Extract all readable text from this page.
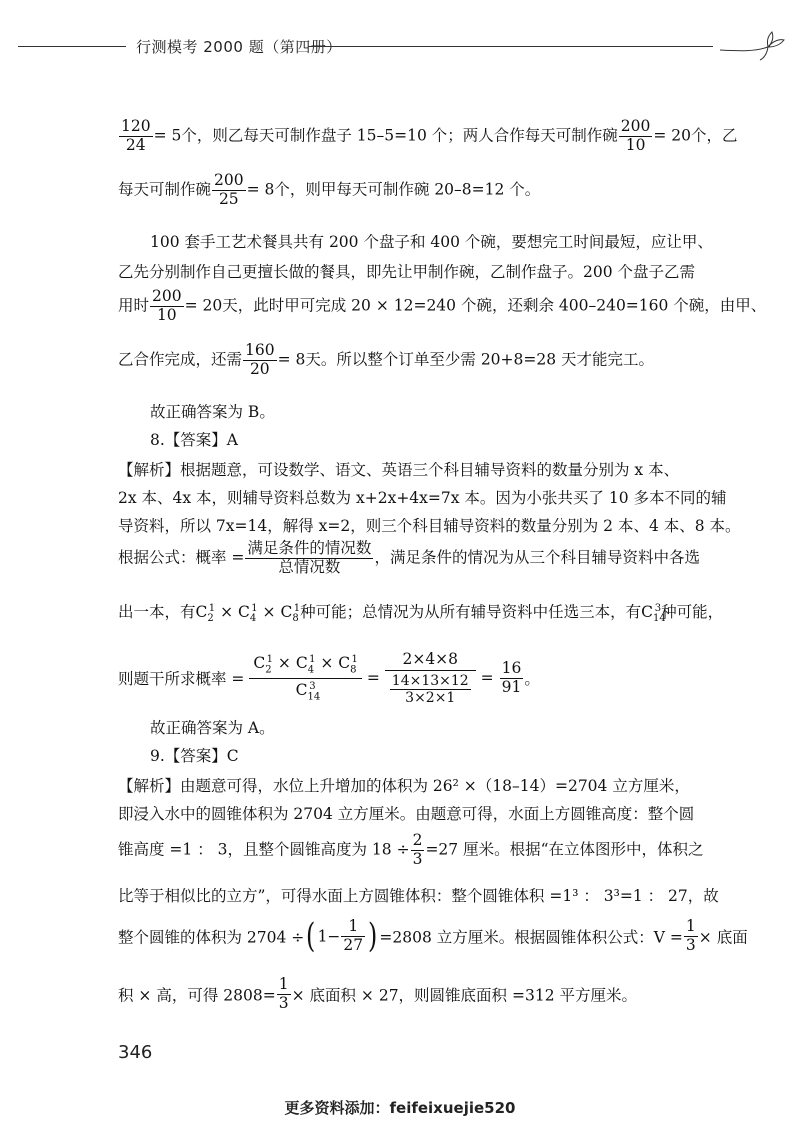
行测模考 2000 题（第四册）
$\frac{120}{24} = 5$个，则乙每天可制作盘子 15–5=10 个；两人合作每天可制作碗 $\frac{200}{10} = 20$个，乙
每天可制作碗 $\frac{200}{25} = 8$个，则甲每天可制作碗 20–8=12 个。
100 套手工艺术餐具共有 200 个盘子和 400 个碗，要想完工时间最短，应让甲、
乙先分别制作自己更擅长做的餐具，即先让甲制作碗，乙制作盘子。200 个盘子乙需
用时 $\frac{200}{10} = 20$天，此时甲可完成 20 × 12=240 个碗，还剩余 400–240=160 个碗，由甲、
乙合作完成，还需 $\frac{160}{20} = 8$天。所以整个订单至少需 20+8=28 天才能完工。
故正确答案为 B。
8.【答案】A
【解析】根据题意，可设数学、语文、英语三个科目辅导资料的数量分别为 x 本、
2x 本、4x 本，则辅导资料总数为 x+2x+4x=7x 本。因为小张共买了 10 多本不同的辅
导资料，所以 7x=14，解得 x=2，则三个科目辅导资料的数量分别为 2 本、4 本、8 本。
根据公式：概率 = $\frac{\text{满足条件的情况数}}{\text{总情况数}}$ ，满足条件的情况为从三个科目辅导资料中各选
出一本，有$C_2^1 \times C_4^1 \times C_8^1$种可能；总情况为从所有辅导资料中任选三本，有$C_{14}^3$种可能，
则题干所求概率 = $\frac{C_2^1 \times C_4^1 \times C_8^1}{C_{14}^3} = \frac{2\times 4\times 8}{\frac{14\times 13\times 12}{3\times 2\times 1}} = \frac{16}{91}$ 。
故正确答案为 A。
9.【答案】C
【解析】由题意可得，水位上升增加的体积为 26² ×（18–14）=2704 立方厘米，
即浸入水中的圆锥体积为 2704 立方厘米。由题意可得，水面上方圆锥高度：整个圆
锥高度 =1 ： 3，且整个圆锥高度为 $18 \div \frac{2}{3} =27$ 厘米。根据“在立体图形中，体积之
比等于相似比的立方”，可得水面上方圆锥体积：整个圆锥体积 =1³ ： 3³=1 ： 27，故
整个圆锥的体积为 2704 ÷( $1- \frac{1}{27}$ ) =2808 立方厘米。根据圆锥体积公式：$V = \frac{1}{3}$ × 底面
积 × 高，可得 $2808= \frac{1}{3}$ × 底面积 × 27，则圆锥底面积 =312 平方厘米。
346
更多资料添加：feifeixuejie520
